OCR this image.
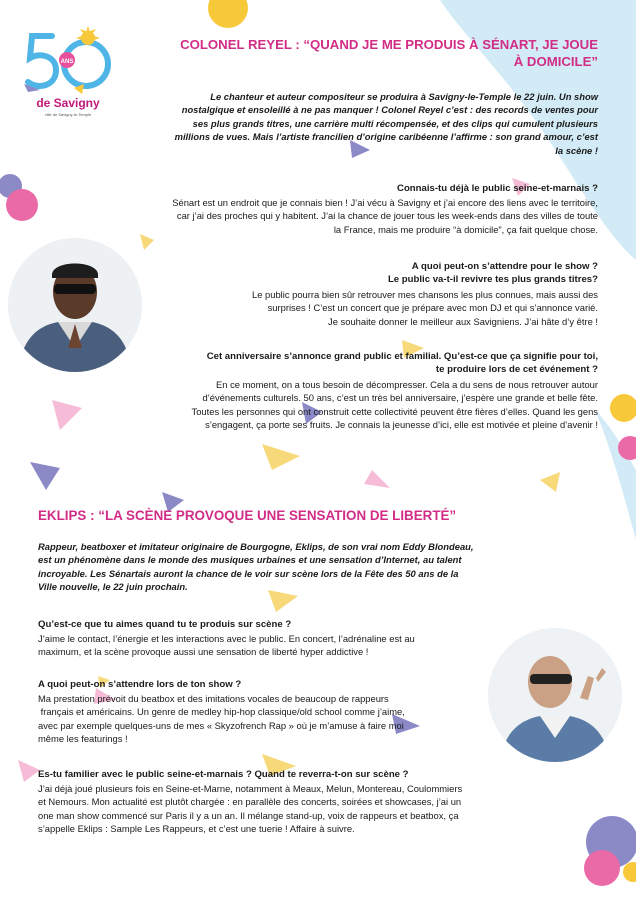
ANS
de Savigny
ville de Savigny-le-Temple
COLONEL REYEL : “QUAND JE ME PRODUIS À SÉNART, JE JOUE
À DOMICILE”
Le chanteur et auteur compositeur se produira à Savigny-le-Temple le 22 juin. Un show
nostalgique et ensoleillé à ne pas manquer ! Colonel Reyel c’est : des records de ventes pour
ses plus grands titres, une carrière multi récompensée, et des clips qui cumulent plusieurs
millions de vues. Mais l’artiste francilien d’origine caribéenne l’affirme : son grand amour, c’est
la scène !
Connais-tu déjà le public seine-et-marnais ?
Sénart est un endroit que je connais bien ! J’ai vécu à Savigny et j’ai encore des liens avec le territoire,
car j’ai des proches qui y habitent. J’ai la chance de jouer tous les week-ends dans des villes de toute
la France, mais me produire “à domicile”, ça fait quelque chose.
A quoi peut-on s’attendre pour le show ?
Le public va-t-il revivre tes plus grands titres?
Le public pourra bien sûr retrouver mes chansons les plus connues, mais aussi des
surprises ! C’est un concert que je prépare avec mon DJ et qui s’annonce varié.
Je souhaite donner le meilleur aux Savigniens. J’ai hâte d’y être !
Cet anniversaire s’annonce grand public et familial. Qu’est-ce que ça signifie pour toi,
te produire lors de cet événement ?
En ce moment, on a tous besoin de décompresser. Cela a du sens de nous retrouver autour
d’événements culturels. 50 ans, c’est un très bel anniversaire, j’espère une grande et belle fête.
Toutes les personnes qui ont construit cette collectivité peuvent être fières d’elles. Quand les gens
s’engagent, ça porte ses fruits. Je connais la jeunesse d’ici, elle est motivée et pleine d’avenir !
EKLIPS : “LA SCÈNE PROVOQUE UNE SENSATION DE LIBERTÉ”
Rappeur, beatboxer et imitateur originaire de Bourgogne, Eklips, de son vrai nom Eddy Blondeau,
est un phénomène dans le monde des musiques urbaines et une sensation d’Internet, au talent
incroyable. Les Sénartais auront la chance de le voir sur scène lors de la Fête des 50 ans de la
Ville nouvelle, le 22 juin prochain.
Qu’est-ce que tu aimes quand tu te produis sur scène ?
J’aime le contact, l’énergie et les interactions avec le public. En concert, l’adrénaline est au
maximum, et la scène provoque aussi une sensation de liberté hyper addictive !
A quoi peut-on s’attendre lors de ton show ?
Ma prestation prévoit du beatbox et des imitations vocales de beaucoup de rappeurs
français et américains. Un genre de medley hip-hop classique/old school comme j’aime,
avec par exemple quelques-uns de mes « Skyzofrench Rap » où je m’amuse à faire moi
même les featurings !
Es-tu familier avec le public seine-et-marnais ? Quand te reverra-t-on sur scène ?
J’ai déjà joué plusieurs fois en Seine-et-Marne, notamment à Meaux, Melun, Montereau, Coulommiers
et Nemours. Mon actualité est plutôt chargée : en parallèle des concerts, soirées et showcases, j’ai un
one man show commencé sur Paris il y a un an. Il mélange stand-up, voix de rappeurs et beatbox, ça
s’appelle Eklips : Sample Les Rappeurs, et c’est une tuerie ! Affaire à suivre.
